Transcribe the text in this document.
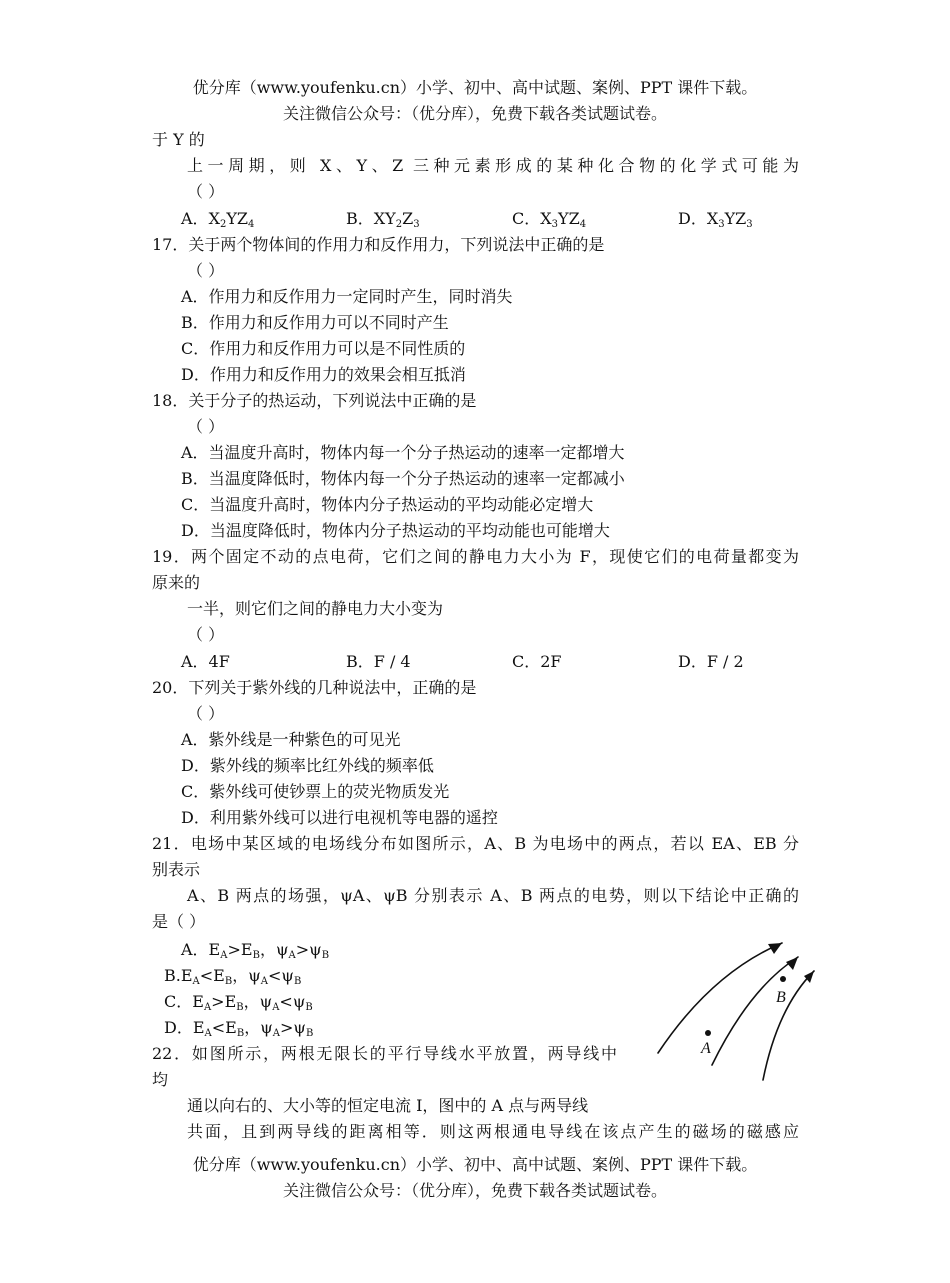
优分库（www.youfenku.cn）小学、初中、高中试题、案例、PPT 课件下载。
关注微信公众号：（优分库），免费下载各类试题试卷。
于 Y 的
上一周期，则 X、Y、Z 三种元素形成的某种化合物的化学式可能为
（ ）
A．$X_2YZ_4$	B．$XY_2Z_3$	C．$X_3YZ_4$	D．$X_3YZ_3$
17．关于两个物体间的作用力和反作用力，下列说法中正确的是
（ ）
A．作用力和反作用力一定同时产生，同时消失
B．作用力和反作用力可以不同时产生
C．作用力和反作用力可以是不同性质的
D．作用力和反作用力的效果会相互抵消
18．关于分子的热运动，下列说法中正确的是
（ ）
A．当温度升高时，物体内每一个分子热运动的速率一定都增大
B．当温度降低时，物体内每一个分子热运动的速率一定都减小
C．当温度升高时，物体内分子热运动的平均动能必定增大
D．当温度降低时，物体内分子热运动的平均动能也可能增大
19．两个固定不动的点电荷，它们之间的静电力大小为 F，现使它们的电荷量都变为
原来的
一半，则它们之间的静电力大小变为
（ ）
A．4F	B．F / 4	C．2F	D．F / 2
20．下列关于紫外线的几种说法中，正确的是
（ ）
A．紫外线是一种紫色的可见光
D．紫外线的频率比红外线的频率低
C．紫外线可使钞票上的荧光物质发光
D．利用紫外线可以进行电视机等电器的遥控
21．电场中某区域的电场线分布如图所示，A、B 为电场中的两点，若以 EA、EB 分
别表示
A、B 两点的场强，ψA、ψB 分别表示 A、B 两点的电势，则以下结论中正确的
是（ ）
A．$E_A>E_B$，$\psi_A>\psi_B$
$B.E_A<E_B$，$\psi_A<\psi_B$
C．$E_A>E_B$，$\psi_A<\psi_B$
D．$E_A<E_B$，$\psi_A>\psi_B$
A
B
22．如图所示，两根无限长的平行导线水平放置，两导线中
均
通以向右的、大小等的恒定电流 I，图中的 A 点与两导线
共面，且到两导线的距离相等．则这两根通电导线在该点产生的磁场的磁感应
优分库（www.youfenku.cn）小学、初中、高中试题、案例、PPT 课件下载。
关注微信公众号：（优分库），免费下载各类试题试卷。
